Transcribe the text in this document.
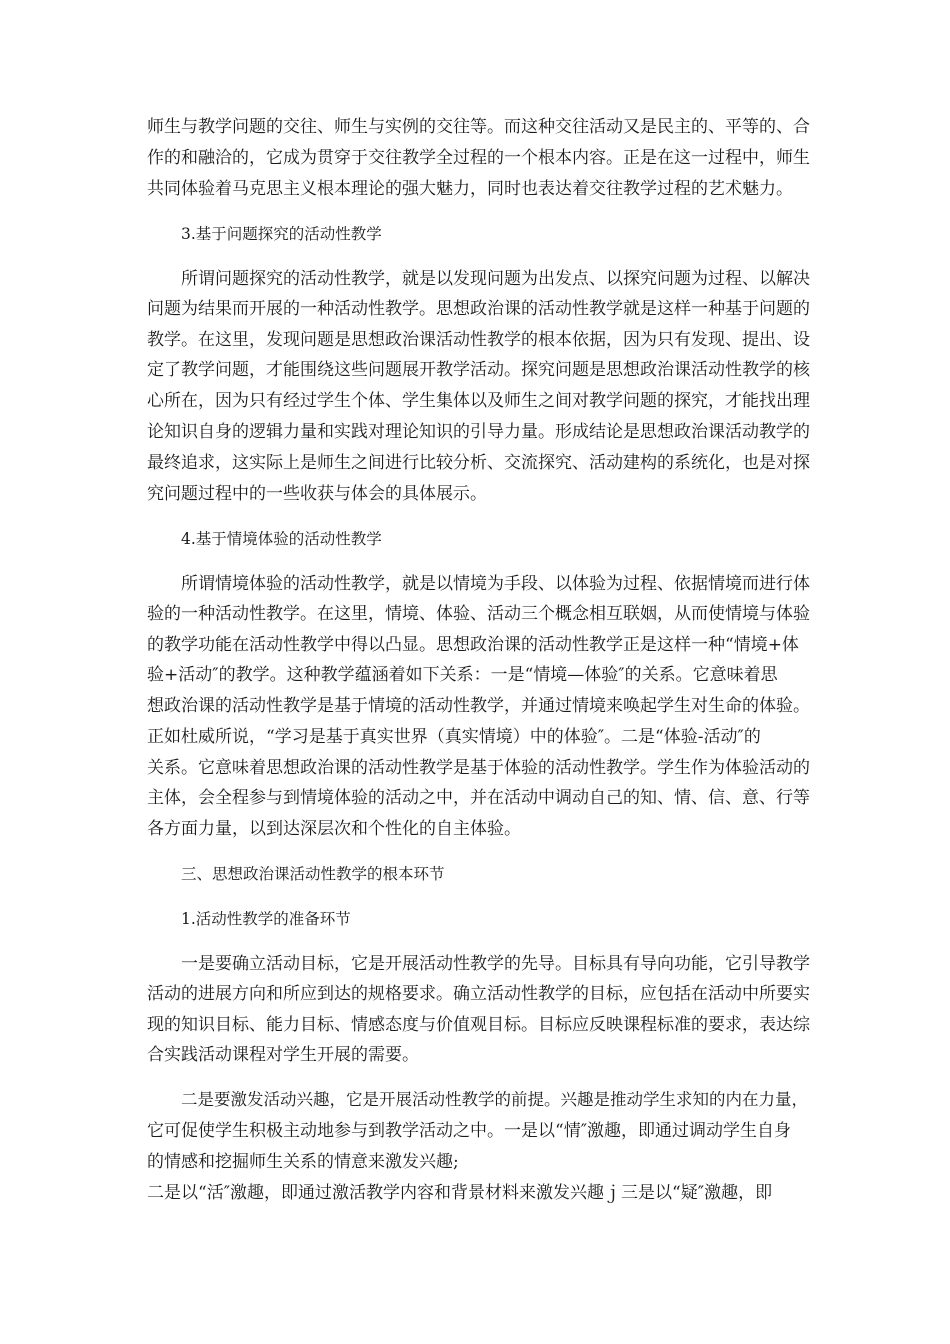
师生与教学问题的交往、师生与实例的交往等。而这种交往活动又是民主的、平等的、合
作的和融洽的，它成为贯穿于交往教学全过程的一个根本内容。正是在这一过程中，师生
共同体验着马克思主义根本理论的强大魅力，同时也表达着交往教学过程的艺术魅力。
3.基于问题探究的活动性教学
所谓问题探究的活动性教学，就是以发现问题为出发点、以探究问题为过程、以解决
问题为结果而开展的一种活动性教学。思想政治课的活动性教学就是这样一种基于问题的
教学。在这里，发现问题是思想政治课活动性教学的根本依据，因为只有发现、提出、设
定了教学问题，才能围绕这些问题展开教学活动。探究问题是思想政治课活动性教学的核
心所在，因为只有经过学生个体、学生集体以及师生之间对教学问题的探究，才能找出理
论知识自身的逻辑力量和实践对理论知识的引导力量。形成结论是思想政治课活动教学的
最终追求，这实际上是师生之间进行比较分析、交流探究、活动建构的系统化，也是对探
究问题过程中的一些收获与体会的具体展示。
4.基于情境体验的活动性教学
所谓情境体验的活动性教学，就是以情境为手段、以体验为过程、依据情境而进行体
验的一种活动性教学。在这里，情境、体验、活动三个概念相互联姻，从而使情境与体验
的教学功能在活动性教学中得以凸显。思想政治课的活动性教学正是这样一种“情境+体
验+活动″的教学。这种教学蕴涵着如下关系：一是“情境—体验″的关系。它意味着思
想政治课的活动性教学是基于情境的活动性教学，并通过情境来唤起学生对生命的体验。
正如杜威所说，“学习是基于真实世界（真实情境）中的体验″。二是“体验-活动″的
关系。它意味着思想政治课的活动性教学是基于体验的活动性教学。学生作为体验活动的
主体，会全程参与到情境体验的活动之中，并在活动中调动自己的知、情、信、意、行等
各方面力量，以到达深层次和个性化的自主体验。
三、思想政治课活动性教学的根本环节
1.活动性教学的准备环节
一是要确立活动目标，它是开展活动性教学的先导。目标具有导向功能，它引导教学
活动的进展方向和所应到达的规格要求。确立活动性教学的目标，应包括在活动中所要实
现的知识目标、能力目标、情感态度与价值观目标。目标应反映课程标准的要求，表达综
合实践活动课程对学生开展的需要。
二是要激发活动兴趣，它是开展活动性教学的前提。兴趣是推动学生求知的内在力量，
它可促使学生积极主动地参与到教学活动之中。一是以“情″激趣，即通过调动学生自身
的情感和挖掘师生关系的情意来激发兴趣;
二是以“活″激趣，即通过激活教学内容和背景材料来激发兴趣ｊ三是以“疑″激趣，即
